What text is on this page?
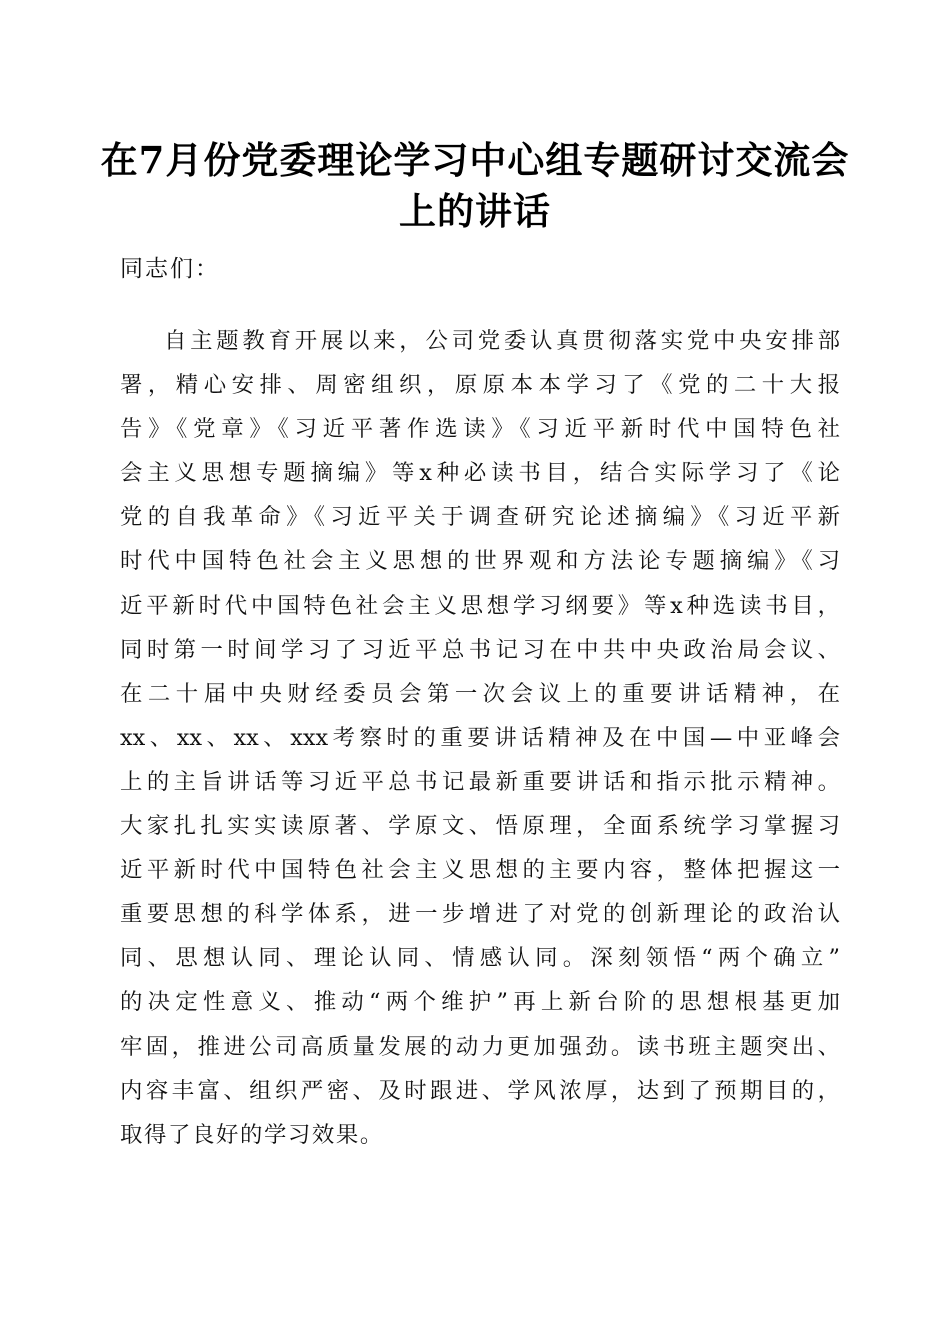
在7月份党委理论学习中心组专题研讨交流会
上的讲话

同志们：

自主题教育开展以来，公司党委认真贯彻落实党中央安排部
署，精心安排、周密组织，原原本本学习了《党的二十大报
告》《党章》《习近平著作选读》《习近平新时代中国特色社
会主义思想专题摘编》等x种必读书目，结合实际学习了《论
党的自我革命》《习近平关于调查研究论述摘编》《习近平新
时代中国特色社会主义思想的世界观和方法论专题摘编》《习
近平新时代中国特色社会主义思想学习纲要》等x种选读书目，
同时第一时间学习了习近平总书记习在中共中央政治局会议、
在二十届中央财经委员会第一次会议上的重要讲话精神，在
xx、xx、xx、xxx考察时的重要讲话精神及在中国—中亚峰会
上的主旨讲话等习近平总书记最新重要讲话和指示批示精神。
大家扎扎实实读原著、学原文、悟原理，全面系统学习掌握习
近平新时代中国特色社会主义思想的主要内容，整体把握这一
重要思想的科学体系，进一步增进了对党的创新理论的政治认
同、思想认同、理论认同、情感认同。深刻领悟“两个确立”
的决定性意义、推动“两个维护”再上新台阶的思想根基更加
牢固，推进公司高质量发展的动力更加强劲。读书班主题突出、
内容丰富、组织严密、及时跟进、学风浓厚，达到了预期目的，
取得了良好的学习效果。
